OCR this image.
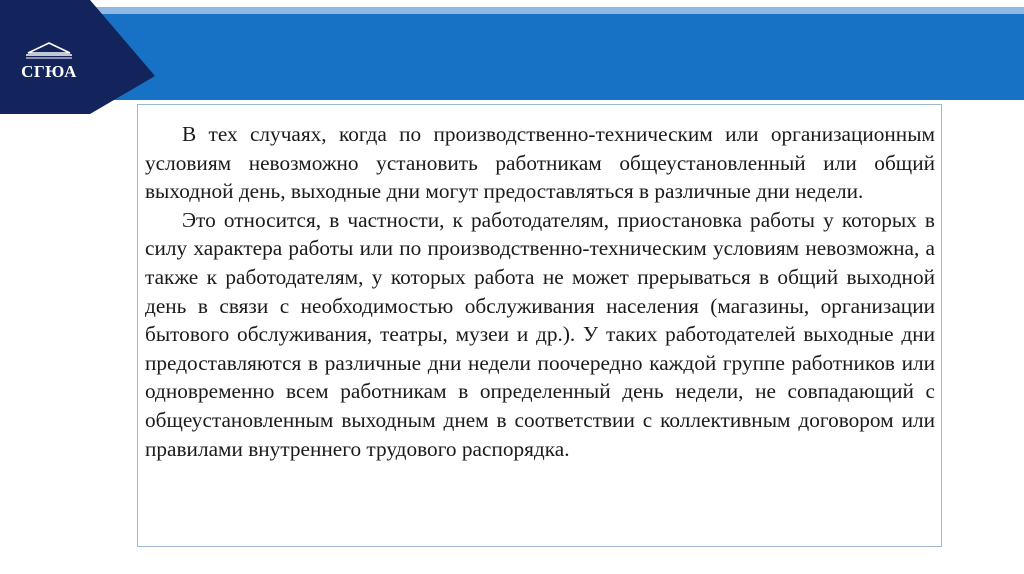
СГЮА

В тех случаях, когда по производственно-техническим или организационным условиям невозможно установить работникам общеустановленный или общий выходной день, выходные дни могут предоставляться в различные дни недели.

Это относится, в частности, к работодателям, приостановка работы у которых в силу характера работы или по производственно-техническим условиям невозможна, а также к работодателям, у которых работа не может прерываться в общий выходной день в связи с необходимостью обслуживания населения (магазины, организации бытового обслуживания, театры, музеи и др.). У таких работодателей выходные дни предоставляются в различные дни недели поочередно каждой группе работников или одновременно всем работникам в определенный день недели, не совпадающий с общеустановленным выходным днем в соответствии с коллективным договором или правилами внутреннего трудового распорядка.
